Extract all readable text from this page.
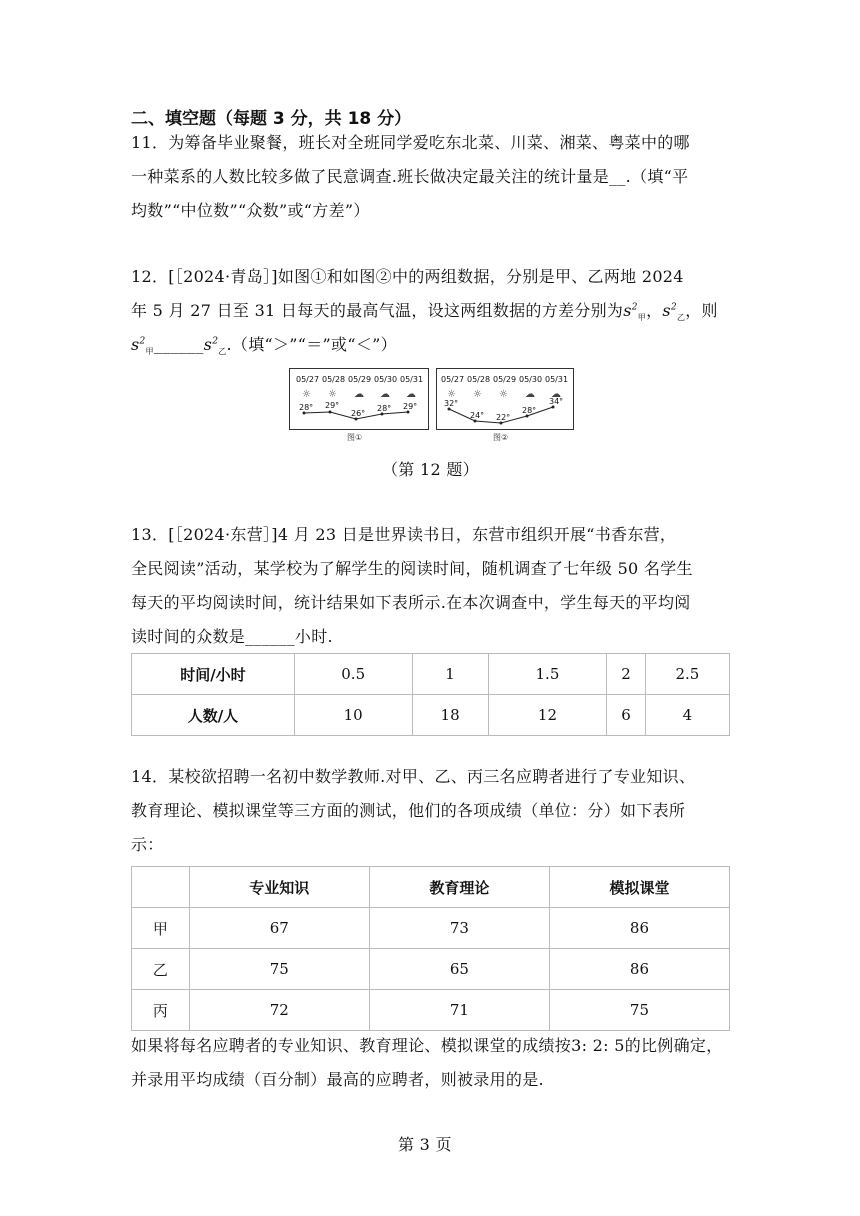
二、填空题（每题 3 分，共 18 分）
11．为筹备毕业聚餐，班长对全班同学爱吃东北菜、川菜、湘菜、粤菜中的哪
一种菜系的人数比较多做了民意调查.班长做决定最关注的统计量是__.（填“平
均数”“中位数”“众数”或“方差”）
12．[［2024·青岛］]如图①和如图②中的两组数据，分别是甲、乙两地 2024
年 5 月 27 日至 31 日每天的最高气温，设这两组数据的方差分别为$s^2_甲$，$s^2_乙$，则
$s^2_甲\_\_\_\_\_\_s^2_乙$.（填“＞”“＝”或“＜”）
05/27 05/28 05/29 05/30 05/31
☼ ☼ ☁ ☁ ☁
28° 29°
26°
28° 29°
图①
05/27 05/28 05/29 05/30 05/31
☼ ☼ ☼ ☁ ☁
32°
24° 22°
28°
34°
图②
（第 12 题）
13．[［2024·东营］]4 月 23 日是世界读书日，东营市组织开展“书香东营，
全民阅读”活动，某学校为了解学生的阅读时间，随机调查了七年级 50 名学生
每天的平均阅读时间，统计结果如下表所示.在本次调查中，学生每天的平均阅
读时间的众数是______小时.
时间/小时	0.5	1	1.5	2	2.5
人数/人	10	18	12	6	4
14．某校欲招聘一名初中数学教师.对甲、乙、丙三名应聘者进行了专业知识、
教育理论、模拟课堂等三方面的测试，他们的各项成绩（单位：分）如下表所
示：
	专业知识	教育理论	模拟课堂
甲	67	73	86
乙	75	65	86
丙	72	71	75
如果将每名应聘者的专业知识、教育理论、模拟课堂的成绩按3: 2: 5的比例确定，
并录用平均成绩（百分制）最高的应聘者，则被录用的是.
第 3 页
